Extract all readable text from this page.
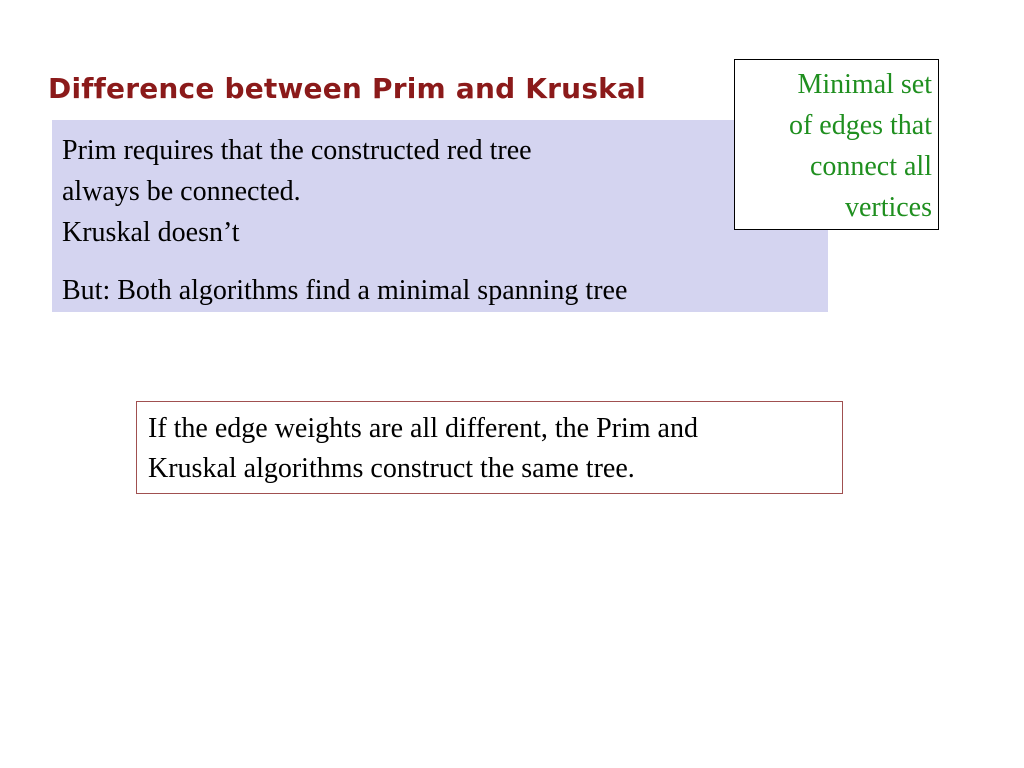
Difference between Prim and Kruskal
Prim requires that the constructed red tree
always be connected.
Kruskal doesn’t
But: Both algorithms find a minimal spanning tree
Minimal set
of edges that
connect all
vertices
If the edge weights are all different, the Prim and
Kruskal algorithms construct the same tree.
